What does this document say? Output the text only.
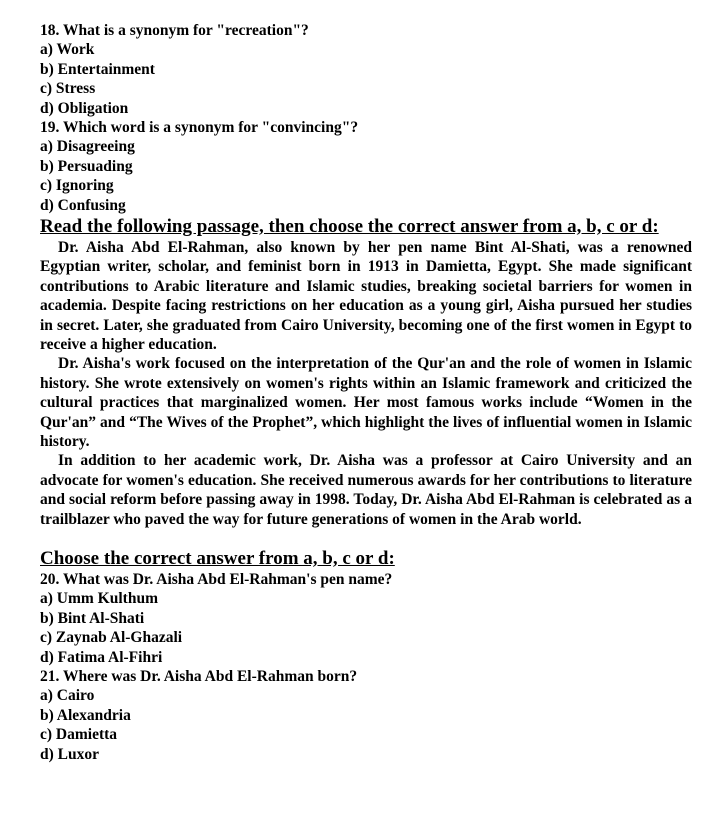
18. What is a synonym for "recreation"?
a) Work
b) Entertainment
c) Stress
d) Obligation
19. Which word is a synonym for "convincing"?
a) Disagreeing
b) Persuading
c) Ignoring
d) Confusing
Read the following passage, then choose the correct answer from a, b, c or d:

Dr. Aisha Abd El-Rahman, also known by her pen name Bint Al-Shati, was a renowned Egyptian writer, scholar, and feminist born in 1913 in Damietta, Egypt. She made significant contributions to Arabic literature and Islamic studies, breaking societal barriers for women in academia. Despite facing restrictions on her education as a young girl, Aisha pursued her studies in secret. Later, she graduated from Cairo University, becoming one of the first women in Egypt to receive a higher education.

Dr. Aisha's work focused on the interpretation of the Qur'an and the role of women in Islamic history. She wrote extensively on women's rights within an Islamic framework and criticized the cultural practices that marginalized women. Her most famous works include “Women in the Qur'an” and “The Wives of the Prophet”, which highlight the lives of influential women in Islamic history.

In addition to her academic work, Dr. Aisha was a professor at Cairo University and an advocate for women's education. She received numerous awards for her contributions to literature and social reform before passing away in 1998. Today, Dr. Aisha Abd El-Rahman is celebrated as a trailblazer who paved the way for future generations of women in the Arab world.

Choose the correct answer from a, b, c or d:
20. What was Dr. Aisha Abd El-Rahman's pen name?
a) Umm Kulthum
b) Bint Al-Shati
c) Zaynab Al-Ghazali
d) Fatima Al-Fihri
21. Where was Dr. Aisha Abd El-Rahman born?
a) Cairo
b) Alexandria
c) Damietta
d) Luxor
